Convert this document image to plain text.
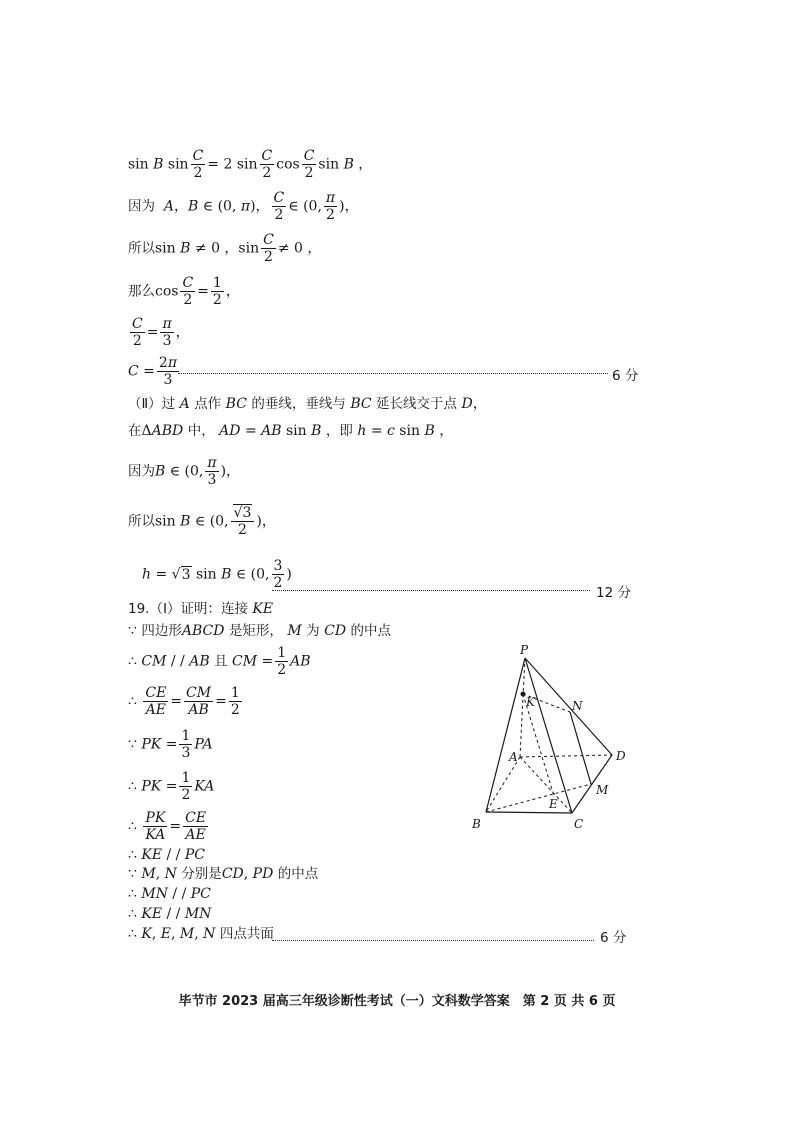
sin B $\sin \frac{C}{2} = 2$ $\sin \frac{C}{2}$ $\cos \frac{C}{2}$ sin B ，
因为 A，B ∈ (0, π)， $\frac{C}{2}$ ∈ (0, $\frac{\pi}{2}$ )，
所以sin B ≠ 0 ，$\sin \frac{C}{2} \ne 0$ ，
那么$\cos \frac{C}{2} = \frac{1}{2}$ ，
$\frac{C}{2} = \frac{\pi}{3}$ ，
$C = \frac{2\pi}{3}$	6 分
（Ⅱ）过 A 点作 BC 的垂线，垂线与 BC 延长线交于点 D，
在ΔABD 中， AD = AB sin B ，即 h = c sin B ，
因为B ∈ (0, $\frac{\pi}{3}$ )，
所以sin B ∈ (0, $\frac{√3}{2}$ )，
h = √3 sin B ∈ (0, $\frac{3}{2}$ )
12 分
19.（Ⅰ）证明：连接 KE
∵ 四边形ABCD 是矩形， M 为 CD 的中点
∴ CM / / AB 且 CM = $\frac{1}{2}$ AB
∴ $\frac{CE}{AE} = \frac{CM}{AB} = \frac{1}{2}$
∵ PK = $\frac{1}{3}$ PA
∴ PK = $\frac{1}{2}$ KA
∴ $\frac{PK}{KA} = \frac{CE}{AE}$
∴ KE / / PC
∵ M, N 分别是CD, PD 的中点
∴ MN / / PC
∴ KE / / MN
∴ K, E, M, N 四点共面	6 分
P
K	N
A	D
M
E
B	C
毕节市 2023 届高三年级诊断性考试（一）文科数学答案　第 2 页 共 6 页
